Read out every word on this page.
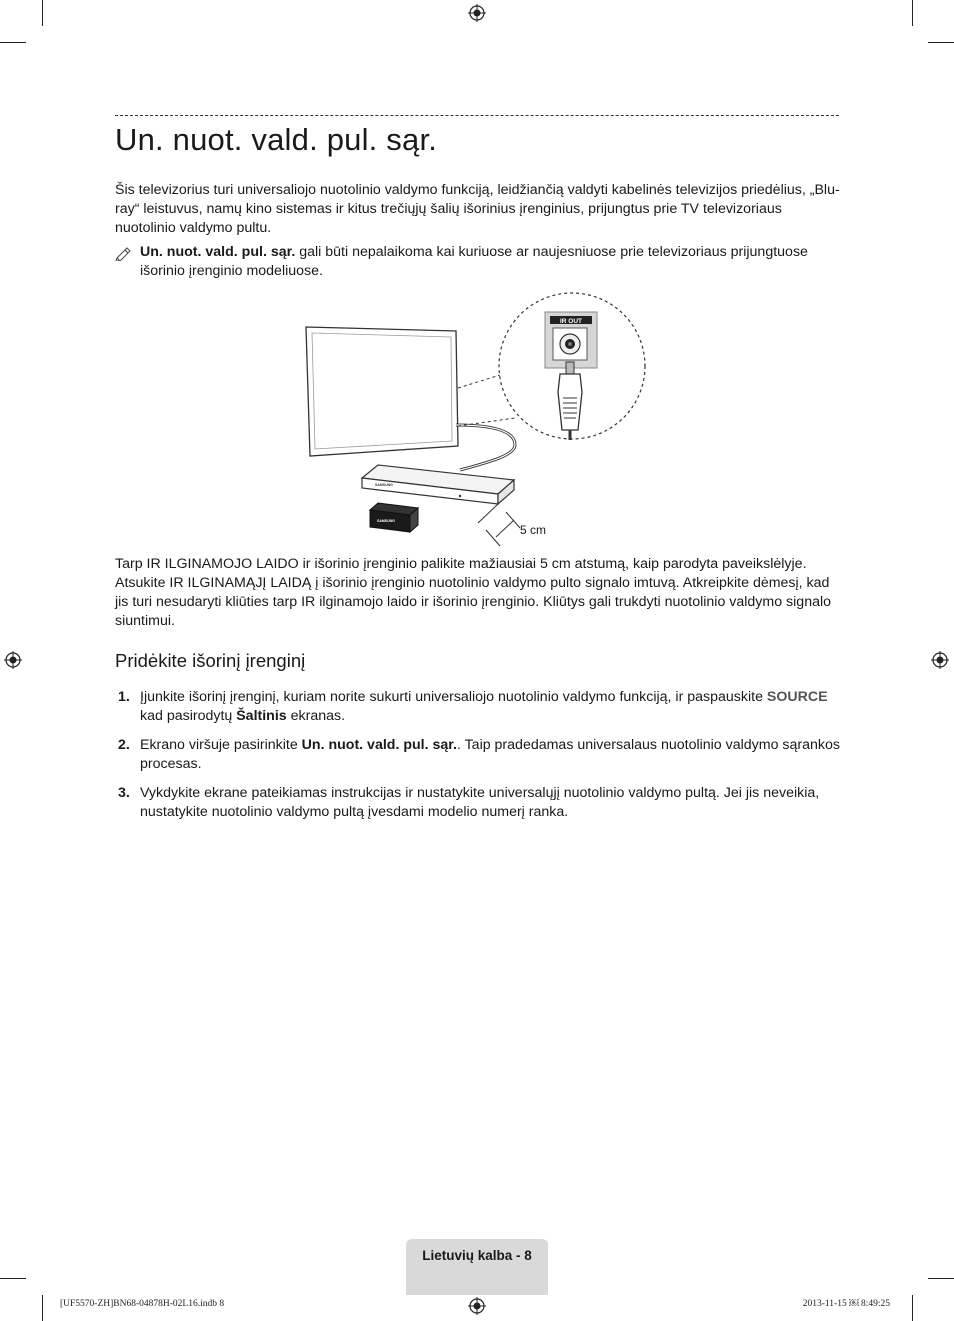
Un. nuot. vald. pul. sąr.

Šis televizorius turi universaliojo nuotolinio valdymo funkciją, leidžiančią valdyti kabelinės televizijos priedėlius, „Blu-ray“ leistuvus, namų kino sistemas ir kitus trečiųjų šalių išorinius įrenginius, prijungtus prie TV televizoriaus nuotolinio valdymo pultu.

Un. nuot. vald. pul. sąr. gali būti nepalaikoma kai kuriuose ar naujesniuose prie televizoriaus prijungtuose išorinio įrenginio modeliuose.
IR OUT
SAMSUNG
SAMSUNG
5 cm

Tarp IR ILGINAMOJO LAIDO ir išorinio įrenginio palikite mažiausiai 5 cm atstumą, kaip parodyta paveikslėlyje. Atsukite IR ILGINAMĄJĮ LAIDĄ į išorinio įrenginio nuotolinio valdymo pulto signalo imtuvą. Atkreipkite dėmesį, kad jis turi nesudaryti kliūties tarp IR ilginamojo laido ir išorinio įrenginio. Kliūtys gali trukdyti nuotolinio valdymo signalo siuntimui.

Pridėkite išorinį įrenginį
1. Įjunkite išorinį įrenginį, kuriam norite sukurti universaliojo nuotolinio valdymo funkciją, ir paspauskite SOURCE kad pasirodytų Šaltinis ekranas.
2. Ekrano viršuje pasirinkite Un. nuot. vald. pul. sąr.. Taip pradedamas universalaus nuotolinio valdymo sąrankos procesas.
3. Vykdykite ekrane pateikiamas instrukcijas ir nustatykite universalųjį nuotolinio valdymo pultą. Jei jis neveikia, nustatykite nuotolinio valdymo pultą įvesdami modelio numerį ranka.
Lietuvių kalba - 8
[UF5570-ZH]BN68-04878H-02L16.indb 8	2013-11-15 ￼ 8:49:25
